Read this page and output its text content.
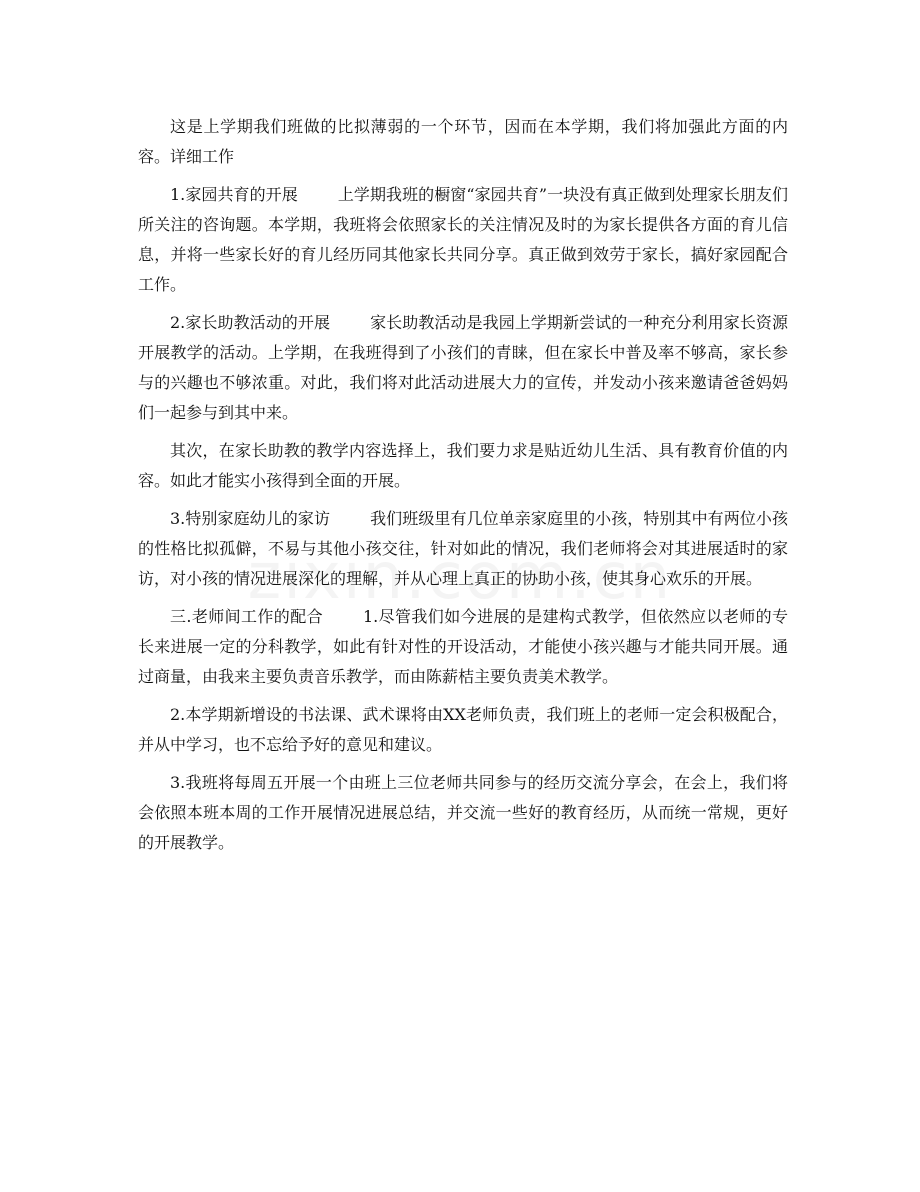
这是上学期我们班做的比拟薄弱的一个环节，因而在本学期，我们将加强此方面的内容。详细工作

1.家园共育的开展	上学期我班的橱窗“家园共育”一块没有真正做到处理家长朋友们所关注的咨询题。本学期，我班将会依照家长的关注情况及时的为家长提供各方面的育儿信息，并将一些家长好的育儿经历同其他家长共同分享。真正做到效劳于家长，搞好家园配合工作。

2.家长助教活动的开展	家长助教活动是我园上学期新尝试的一种充分利用家长资源开展教学的活动。上学期，在我班得到了小孩们的青睐，但在家长中普及率不够高，家长参与的兴趣也不够浓重。对此，我们将对此活动进展大力的宣传，并发动小孩来邀请爸爸妈妈们一起参与到其中来。

其次，在家长助教的教学内容选择上，我们要力求是贴近幼儿生活、具有教育价值的内容。如此才能实小孩得到全面的开展。

3.特别家庭幼儿的家访	我们班级里有几位单亲家庭里的小孩，特别其中有两位小孩的性格比拟孤僻，不易与其他小孩交往，针对如此的情况，我们老师将会对其进展适时的家访，对小孩的情况进展深化的理解，并从心理上真正的协助小孩，使其身心欢乐的开展。

三.老师间工作的配合	1.尽管我们如今进展的是建构式教学，但依然应以老师的专长来进展一定的分科教学，如此有针对性的开设活动，才能使小孩兴趣与才能共同开展。通过商量，由我来主要负责音乐教学，而由陈薪桔主要负责美术教学。

2.本学期新增设的书法课、武术课将由XX老师负责，我们班上的老师一定会积极配合，并从中学习，也不忘给予好的意见和建议。

3.我班将每周五开展一个由班上三位老师共同参与的经历交流分享会，在会上，我们将会依照本班本周的工作开展情况进展总结，并交流一些好的教育经历，从而统一常规，更好的开展教学。
